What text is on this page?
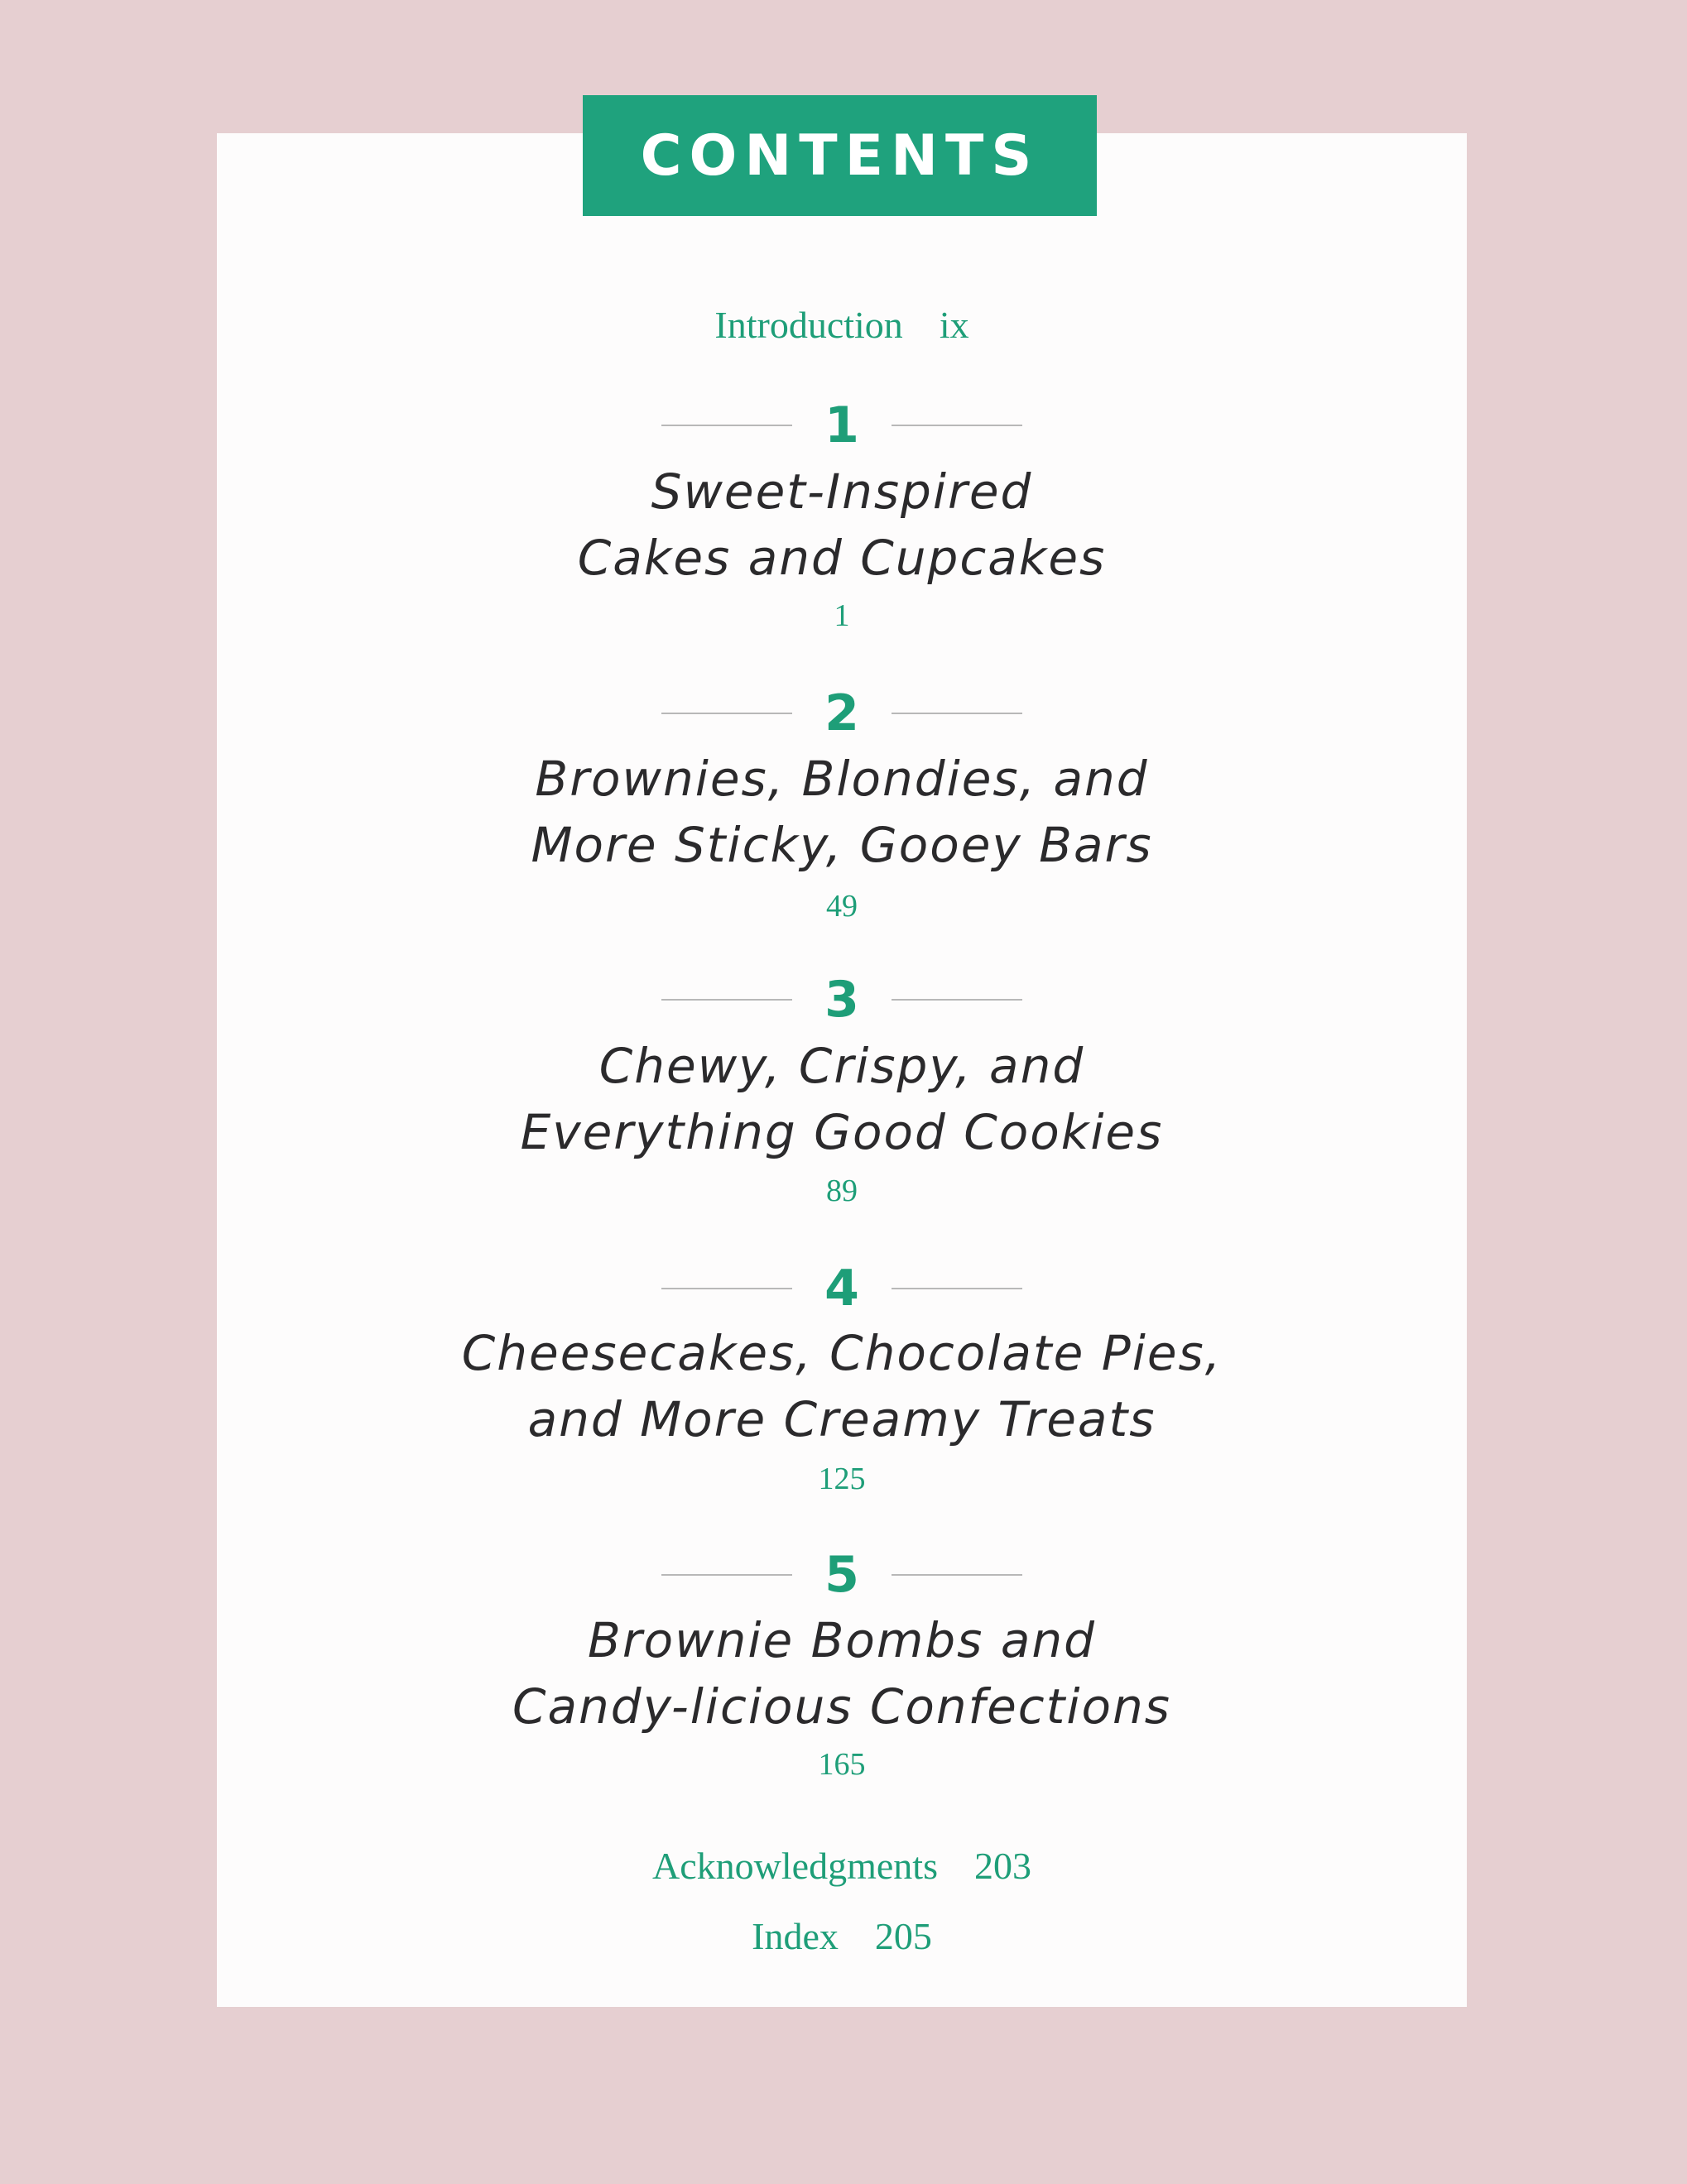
CONTENTS
Introduction ix
1
Sweet-Inspired
Cakes and Cupcakes
1
2
Brownies, Blondies, and
More Sticky, Gooey Bars
49
3
Chewy, Crispy, and
Everything Good Cookies
89
4
Cheesecakes, Chocolate Pies,
and More Creamy Treats
125
5
Brownie Bombs and
Candy-licious Confections
165
Acknowledgments 203
Index 205
